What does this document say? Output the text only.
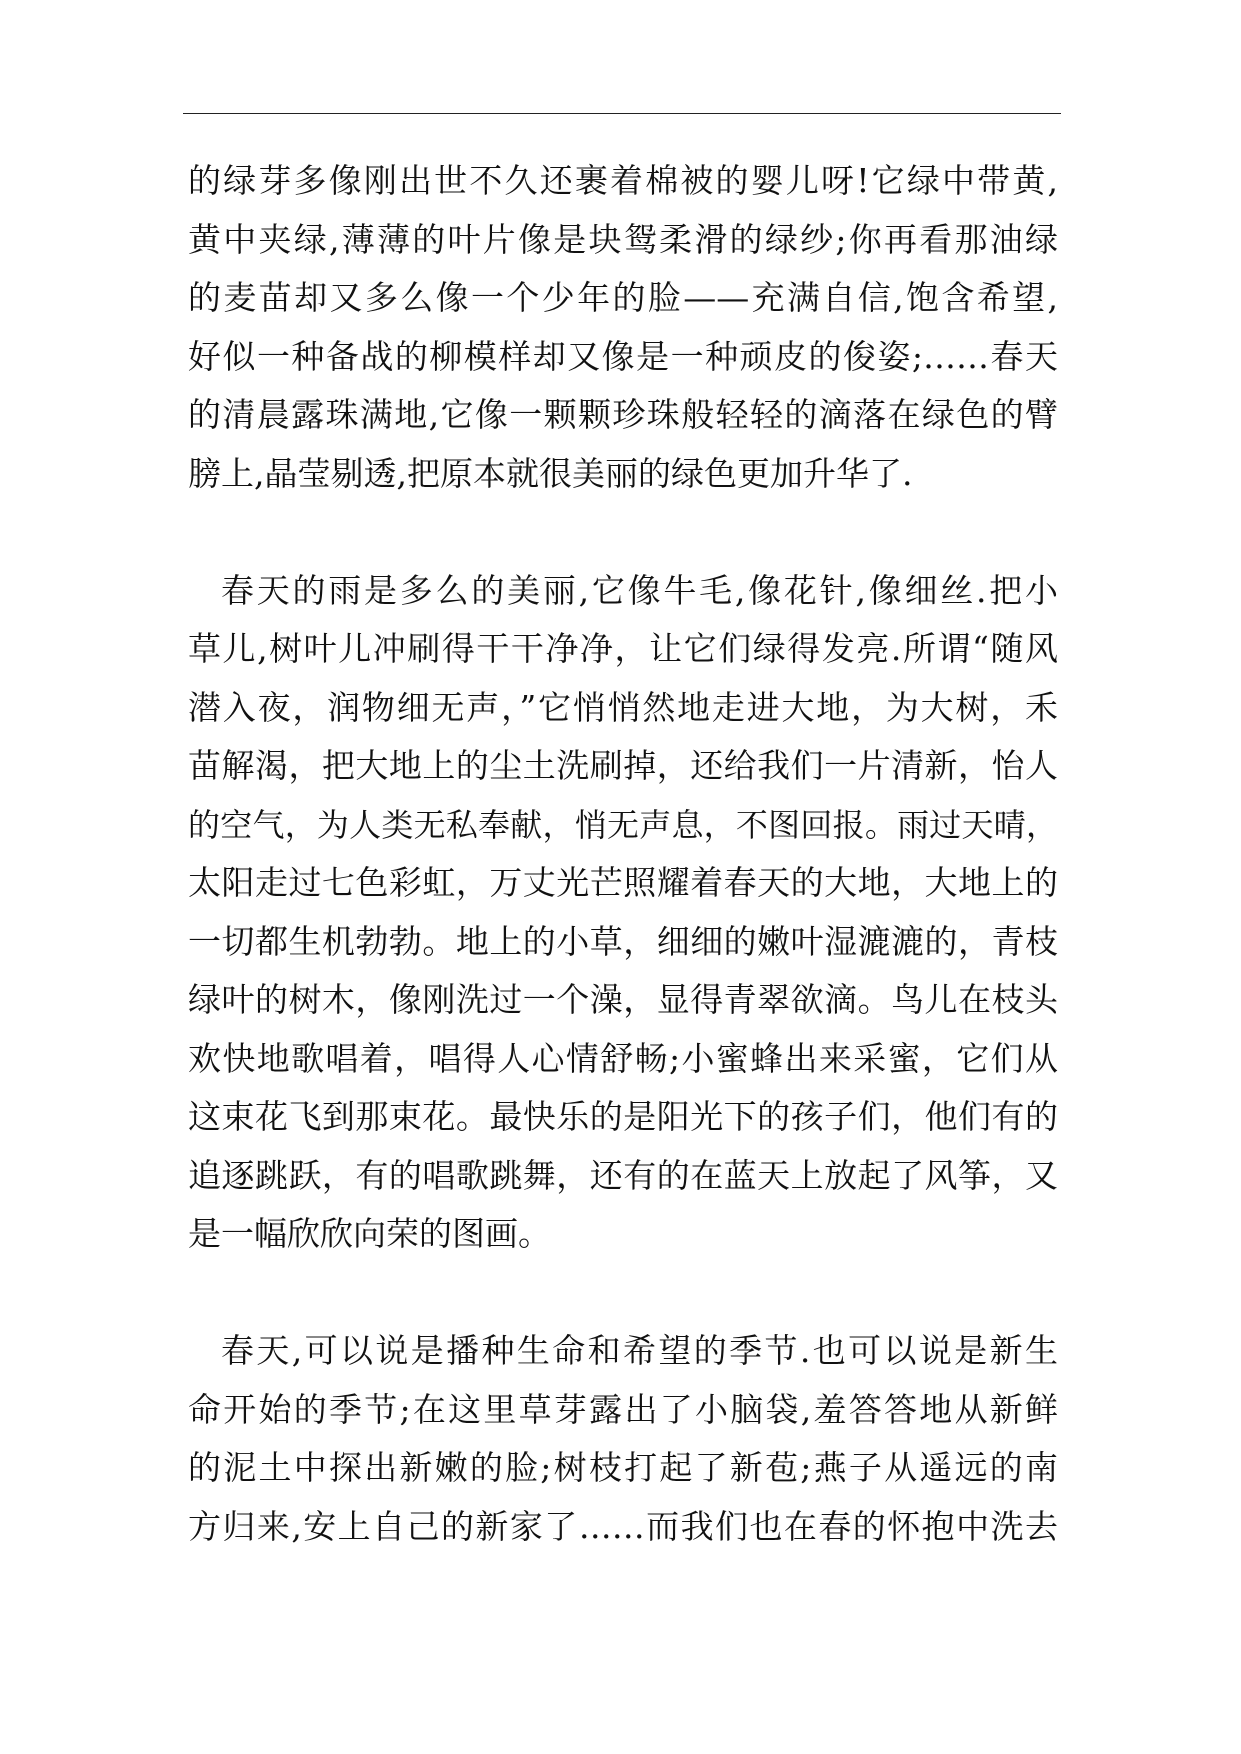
的绿芽多像刚出世不久还裹着棉被的婴儿呀!它绿中带黄,
黄中夹绿,薄薄的叶片像是块鸳柔滑的绿纱;你再看那油绿
的麦苗却又多么像一个少年的脸——充满自信,饱含希望,
好似一种备战的柳模样却又像是一种顽皮的俊姿;……春天
的清晨露珠满地,它像一颗颗珍珠般轻轻的滴落在绿色的臂
膀上,晶莹剔透,把原本就很美丽的绿色更加升华了.
春天的雨是多么的美丽,它像牛毛,像花针,像细丝.把小
草儿,树叶儿冲刷得干干净净，让它们绿得发亮.所谓“随风
潜入夜，润物细无声，”它悄悄然地走进大地，为大树，禾
苗解渴，把大地上的尘土洗刷掉，还给我们一片清新，怡人
的空气，为人类无私奉献，悄无声息，不图回报。雨过天晴，
太阳走过七色彩虹，万丈光芒照耀着春天的大地，大地上的
一切都生机勃勃。地上的小草，细细的嫩叶湿漉漉的，青枝
绿叶的树木，像刚洗过一个澡，显得青翠欲滴。鸟儿在枝头
欢快地歌唱着，唱得人心情舒畅;小蜜蜂出来采蜜，它们从
这束花飞到那束花。最快乐的是阳光下的孩子们，他们有的
追逐跳跃，有的唱歌跳舞，还有的在蓝天上放起了风筝，又
是一幅欣欣向荣的图画。
春天,可以说是播种生命和希望的季节.也可以说是新生
命开始的季节;在这里草芽露出了小脑袋,羞答答地从新鲜
的泥土中探出新嫩的脸;树枝打起了新苞;燕子从遥远的南
方归来,安上自己的新家了……而我们也在春的怀抱中洗去
